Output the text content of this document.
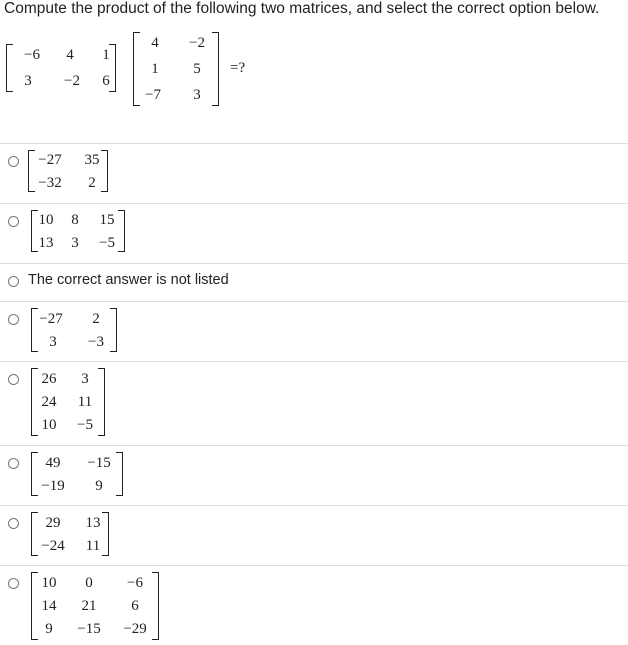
Compute the product of the following two matrices, and select the correct option below.
−6 4 1
3 −2 6
4 −2
1 5
−7 3
=?
−27 35
−32 2
10 8 15
13 3 −5
The correct answer is not listed
−27 2
3 −3
26 3
24 11
10 −5
49 −15
−19 9
29 13
−24 11
10 0 −6
14 21 6
9 −15 −29
